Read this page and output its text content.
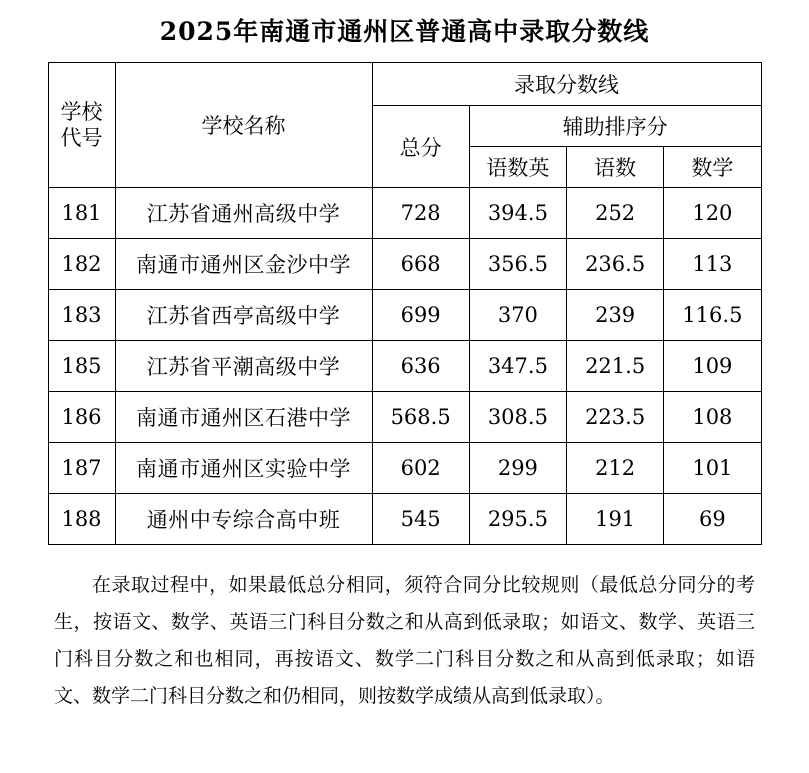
2025年南通市通州区普通高中录取分数线
学校
代号	学校名称	录取分数线			
		总分	辅助排序分		
			语数英	语数	数学
181	江苏省通州高级中学	728	394.5	252	120
182	南通市通州区金沙中学	668	356.5	236.5	113
183	江苏省西亭高级中学	699	370	239	116.5
185	江苏省平潮高级中学	636	347.5	221.5	109
186	南通市通州区石港中学	568.5	308.5	223.5	108
187	南通市通州区实验中学	602	299	212	101
188	通州中专综合高中班	545	295.5	191	69

在录取过程中，如果最低总分相同，须符合同分比较规则（最低总分同分的考生，按语文、数学、英语三门科目分数之和从高到低录取；如语文、数学、英语三门科目分数之和也相同，再按语文、数学二门科目分数之和从高到低录取；如语文、数学二门科目分数之和仍相同，则按数学成绩从高到低录取）。
